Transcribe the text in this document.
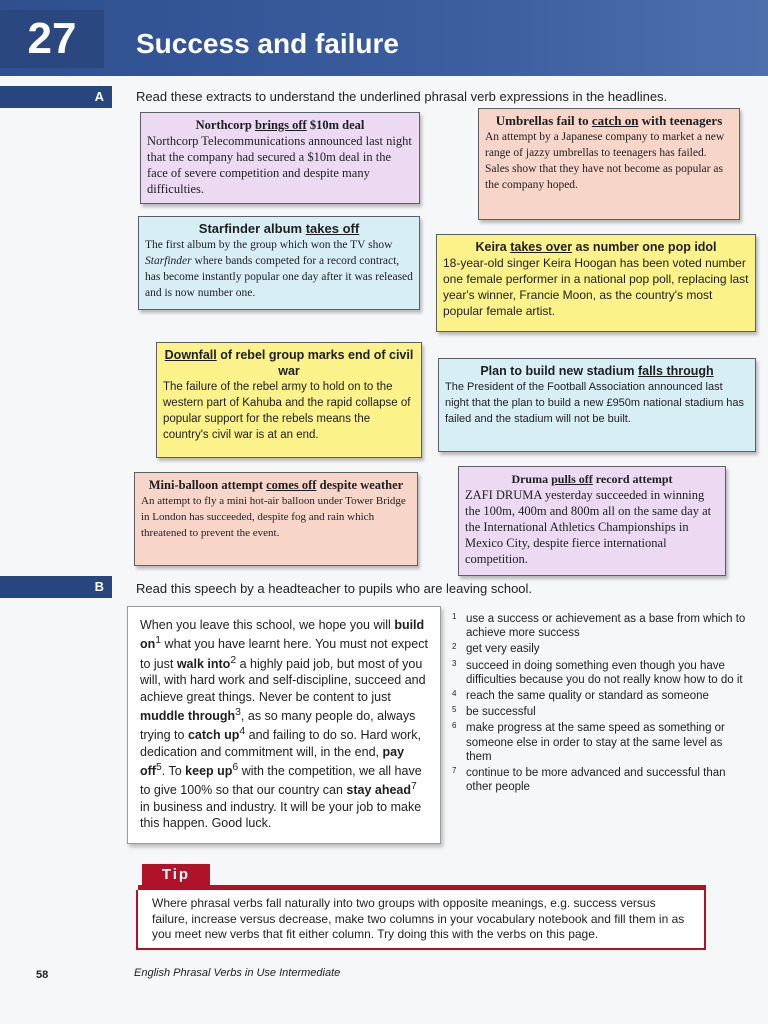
27	Success and failure
A	Read these extracts to understand the underlined phrasal verb expressions in the headlines.
Northcorp brings off $10m deal
Northcorp Telecommunications announced last night that the company had secured a $10m deal in the face of severe competition and despite many difficulties.
Umbrellas fail to catch on with teenagers
An attempt by a Japanese company to market a new range of jazzy umbrellas to teenagers has failed. Sales show that they have not become as popular as the company hoped.
Starfinder album takes off
The first album by the group which won the TV show Starfinder where bands competed for a record contract, has become instantly popular one day after it was released and is now number one.
Keira takes over as number one pop idol
18-year-old singer Keira Hoogan has been voted number one female performer in a national pop poll, replacing last year's winner, Francie Moon, as the country's most popular female artist.
Downfall of rebel group marks end of civil war
The failure of the rebel army to hold on to the western part of Kahuba and the rapid collapse of popular support for the rebels means the country's civil war is at an end.
Plan to build new stadium falls through
The President of the Football Association announced last night that the plan to build a new £950m national stadium has failed and the stadium will not be built.
Mini-balloon attempt comes off despite weather
An attempt to fly a mini hot-air balloon under Tower Bridge in London has succeeded, despite fog and rain which threatened to prevent the event.
Druma pulls off record attempt
ZAFI DRUMA yesterday succeeded in winning the 100m, 400m and 800m all on the same day at the International Athletics Championships in Mexico City, despite fierce international competition.
B	Read this speech by a headteacher to pupils who are leaving school.
When you leave this school, we hope you will build $on^1$ what you have learnt here. You must not expect to just walk into$^2$ a highly paid job, but most of you will, with hard work and self-discipline, succeed and achieve great things. Never be content to just muddle through$^3$, as so many people do, always trying to catch $up^4$ and failing to do so. Hard work, dedication and commitment will, in the end, pay off$^5$. To keep $up^6$ with the competition, we all have to give 100% so that our country can stay ahead$^7$ in business and industry. It will be your job to make this happen. Good luck.
1 use a success or achievement as a base from which to achieve more success
2 get very easily
3 succeed in doing something even though you have difficulties because you do not really know how to do it
4 reach the same quality or standard as someone
5 be successful
6 make progress at the same speed as something or someone else in order to stay at the same level as them
7 continue to be more advanced and successful than other people
Tip
Where phrasal verbs fall naturally into two groups with opposite meanings, e.g. success versus failure, increase versus decrease, make two columns in your vocabulary notebook and fill them in as you meet new verbs that fit either column. Try doing this with the verbs on this page.
58	English Phrasal Verbs in Use Intermediate
